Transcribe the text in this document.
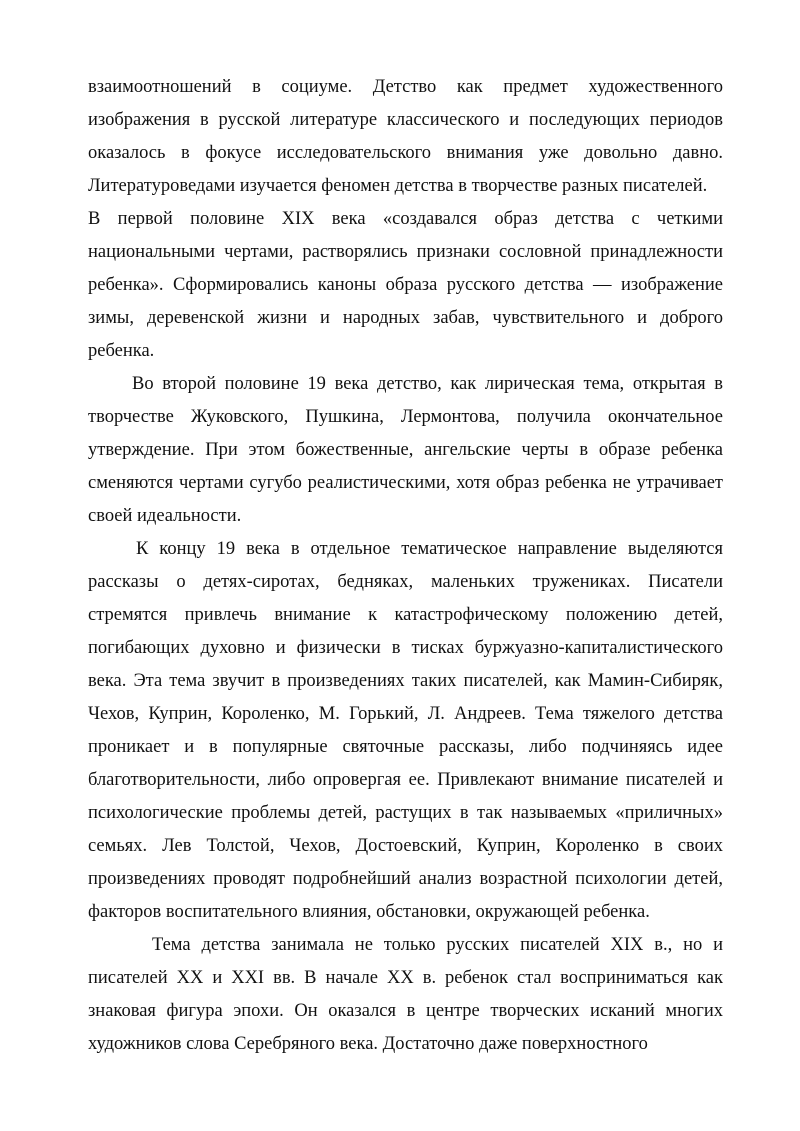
взаимоотношений в социуме. Детство как предмет художественного изображения в русской литературе классического и последующих периодов оказалось в фокусе исследовательского внимания уже довольно давно. Литературоведами изучается феномен детства в творчестве разных писателей.

В первой половине XIX века «создавался образ детства с четкими национальными чертами, растворялись признаки сословной принадлежности ребенка». Сформировались каноны образа русского детства — изображение зимы, деревенской жизни и народных забав, чувствительного и доброго ребенка.

Во второй половине 19 века детство, как лирическая тема, открытая в творчестве Жуковского, Пушкина, Лермонтова, получила окончательное утверждение. При этом божественные, ангельские черты в образе ребенка сменяются чертами сугубо реалистическими, хотя образ ребенка не утрачивает своей идеальности.

К концу 19 века в отдельное тематическое направление выделяются рассказы о детях-сиротах, бедняках, маленьких тружениках. Писатели стремятся привлечь внимание к катастрофическому положению детей, погибающих духовно и физически в тисках буржуазно-капиталистического века. Эта тема звучит в произведениях таких писателей, как Мамин-Сибиряк, Чехов, Куприн, Короленко, М. Горький, Л. Андреев. Тема тяжелого детства проникает и в популярные святочные рассказы, либо подчиняясь идее благотворительности, либо опровергая ее. Привлекают внимание писателей и психологические проблемы детей, растущих в так называемых «приличных» семьях. Лев Толстой, Чехов, Достоевский, Куприн, Короленко в своих произведениях проводят подробнейший анализ возрастной психологии детей, факторов воспитательного влияния, обстановки, окружающей ребенка.

Тема детства занимала не только русских писателей XIX в., но и писателей XX и XXI вв. В начале XX в. ребенок стал восприниматься как знаковая фигура эпохи. Он оказался в центре творческих исканий многих художников слова Серебряного века. Достаточно даже поверхностного
